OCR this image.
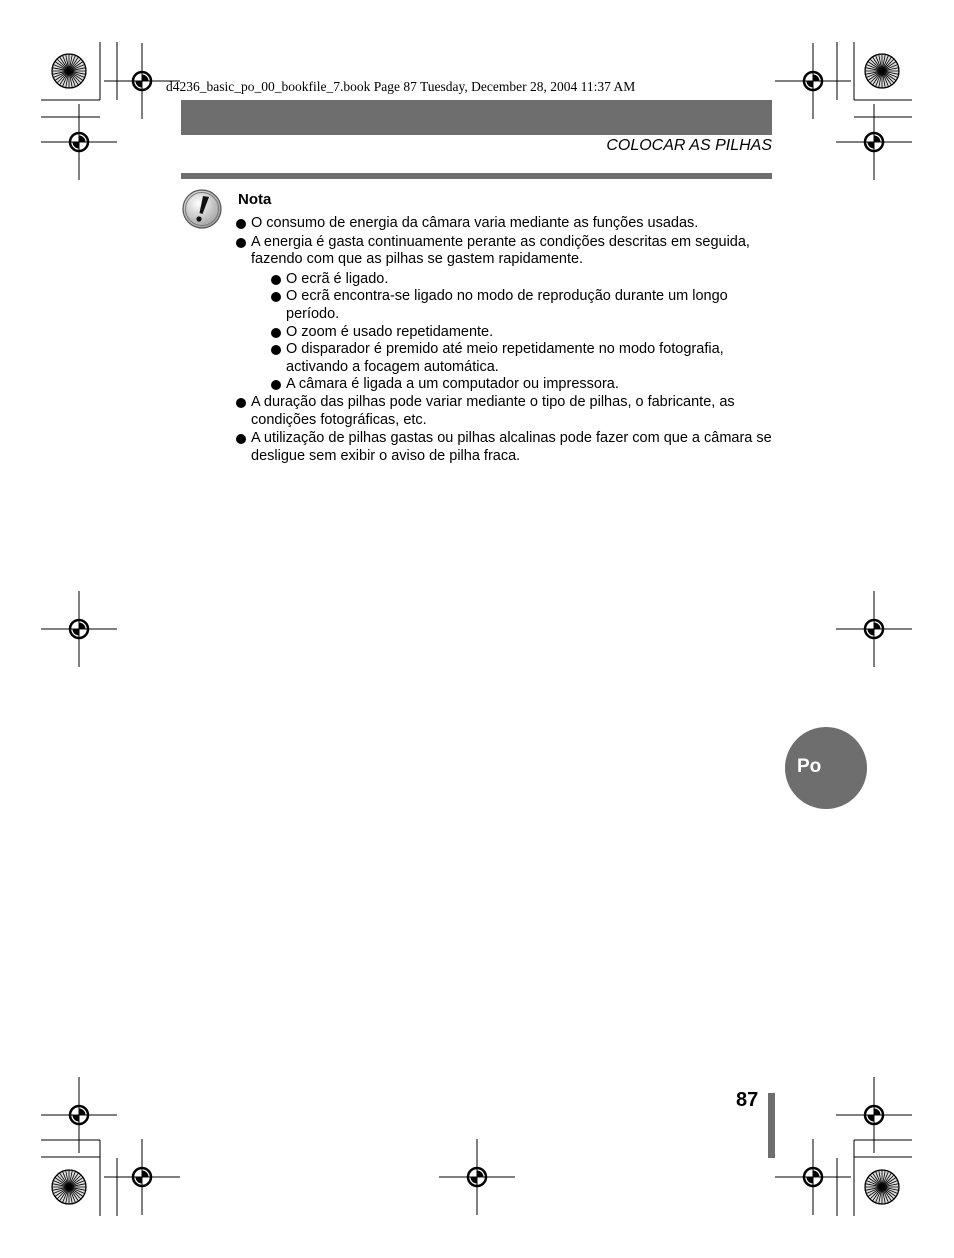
d4236_basic_po_00_bookfile_7.book Page 87 Tuesday, December 28, 2004 11:37 AM
COLOCAR AS PILHAS
Nota
O consumo de energia da câmara varia mediante as funções usadas.
A energia é gasta continuamente perante as condições descritas em seguida, fazendo com que as pilhas se gastem rapidamente.
O ecrã é ligado.
O ecrã encontra-se ligado no modo de reprodução durante um longo período.
O zoom é usado repetidamente.
O disparador é premido até meio repetidamente no modo fotografia, activando a focagem automática.
A câmara é ligada a um computador ou impressora.
A duração das pilhas pode variar mediante o tipo de pilhas, o fabricante, as condições fotográficas, etc.
A utilização de pilhas gastas ou pilhas alcalinas pode fazer com que a câmara se desligue sem exibir o aviso de pilha fraca.
Po
87
